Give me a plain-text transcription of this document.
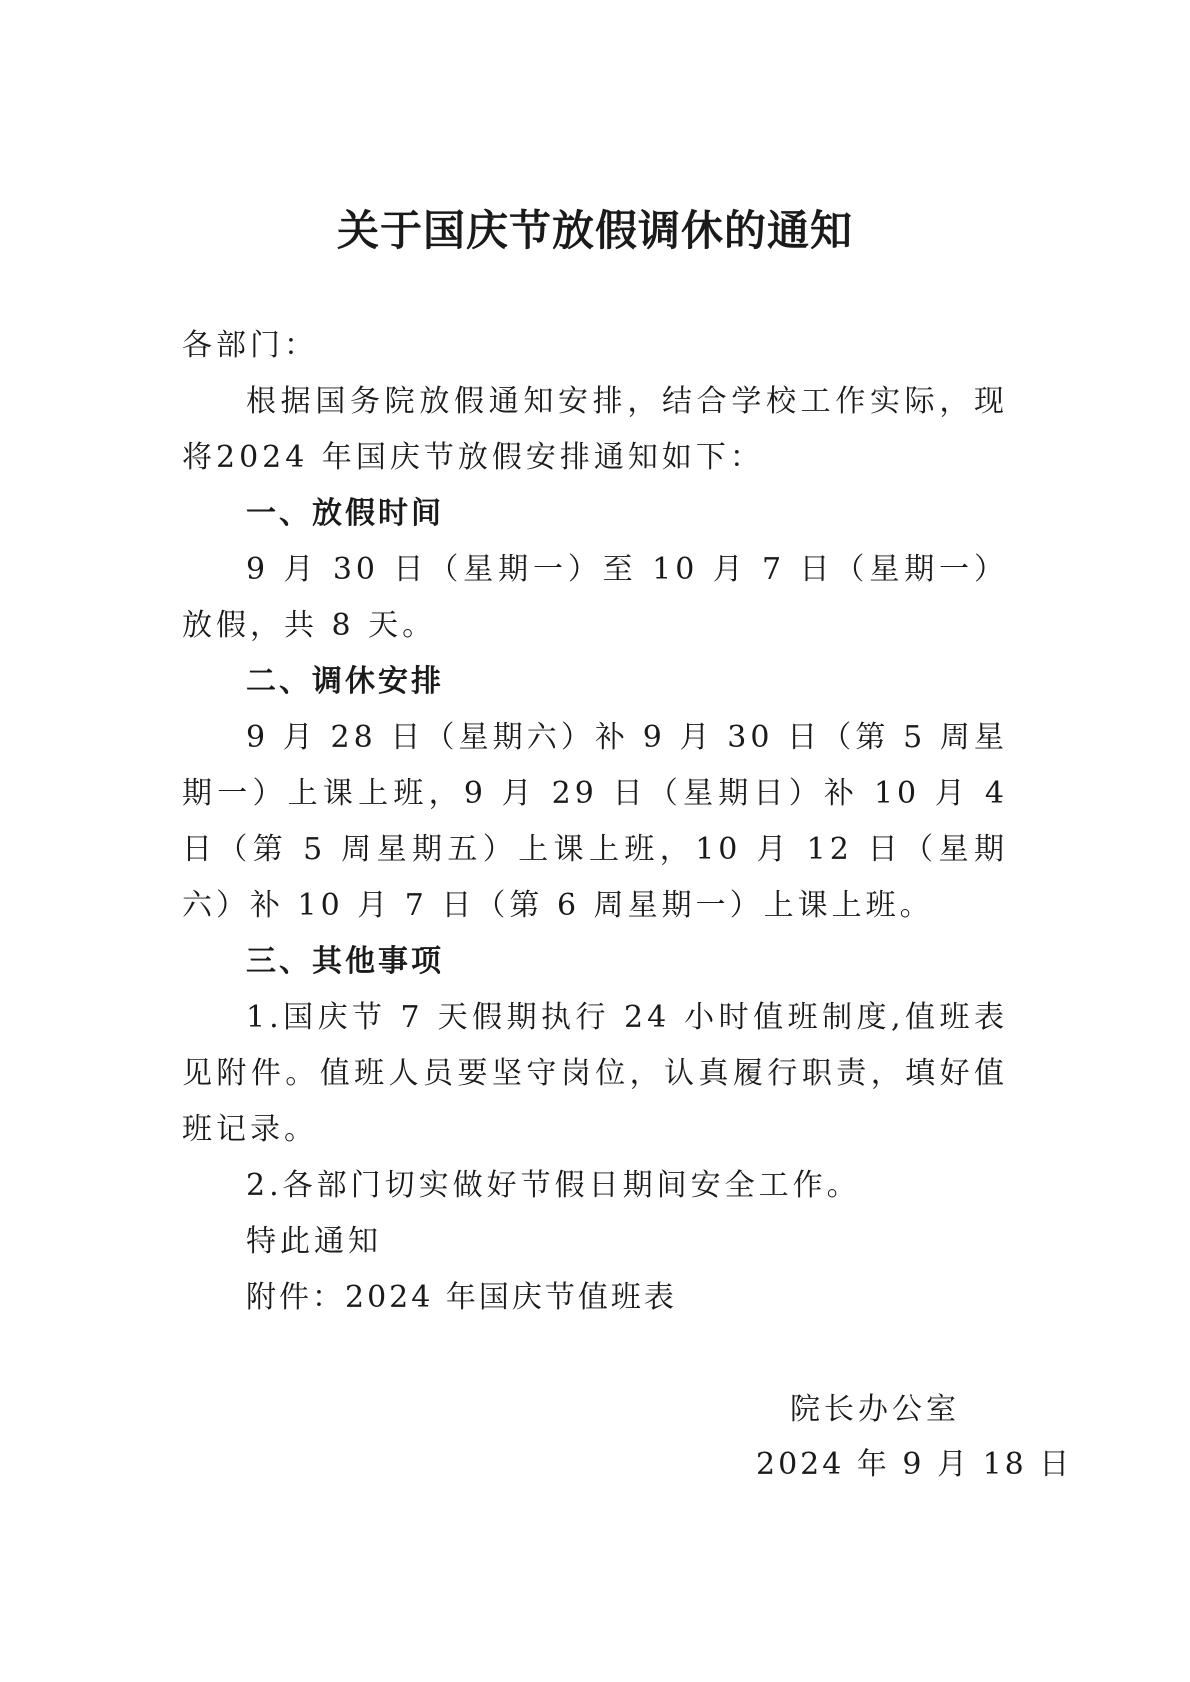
关于国庆节放假调休的通知

各部门：

根据国务院放假通知安排，结合学校工作实际，现将2024 年国庆节放假安排通知如下：

一、放假时间

9 月 30 日（星期一）至 10 月 7 日（星期一）放假，共 8 天。

二、调休安排

9 月 28 日（星期六）补 9 月 30 日（第 5 周星期一）上课上班，9 月 29 日（星期日）补 10 月 4 日（第 5 周星期五）上课上班，10 月 12 日（星期六）补 10 月 7 日（第 6 周星期一）上课上班。

三、其他事项

1.国庆节 7 天假期执行 24 小时值班制度,值班表见附件。值班人员要坚守岗位，认真履行职责，填好值班记录。

2.各部门切实做好节假日期间安全工作。

特此通知

附件：2024 年国庆节值班表
院长办公室
2024 年 9 月 18 日
